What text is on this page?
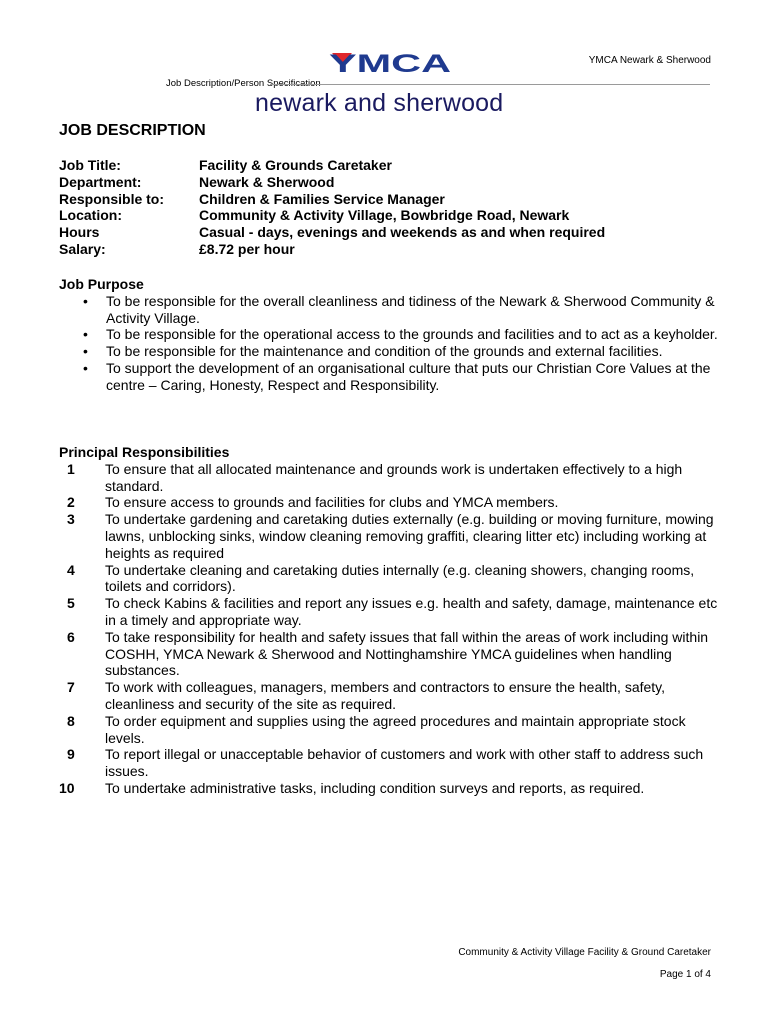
YMCA Newark & Sherwood
YMCA
Job Description/Person Specification
newark and sherwood
JOB DESCRIPTION
Job Title:	Facility & Grounds Caretaker
Department:	Newark & Sherwood
Responsible to:	Children & Families Service Manager
Location:	Community & Activity Village, Bowbridge Road, Newark
Hours	Casual - days, evenings and weekends as and when required
Salary:	£8.72 per hour
Job Purpose
• To be responsible for the overall cleanliness and tidiness of the Newark & Sherwood Community & Activity Village.
• To be responsible for the operational access to the grounds and facilities and to act as a keyholder.
• To be responsible for the maintenance and condition of the grounds and external facilities.
• To support the development of an organisational culture that puts our Christian Core Values at the centre – Caring, Honesty, Respect and Responsibility.
Principal Responsibilities
1	To ensure that all allocated maintenance and grounds work is undertaken effectively to a high standard.
2	To ensure access to grounds and facilities for clubs and YMCA members.
3	To undertake gardening and caretaking duties externally (e.g. building or moving furniture, mowing lawns, unblocking sinks, window cleaning removing graffiti, clearing litter etc) including working at heights as required
4	To undertake cleaning and caretaking duties internally (e.g. cleaning showers, changing rooms, toilets and corridors).
5	To check Kabins & facilities and report any issues e.g. health and safety, damage, maintenance etc in a timely and appropriate way.
6	To take responsibility for health and safety issues that fall within the areas of work including within COSHH, YMCA Newark & Sherwood and Nottinghamshire YMCA guidelines when handling substances.
7	To work with colleagues, managers, members and contractors to ensure the health, safety, cleanliness and security of the site as required.
8	To order equipment and supplies using the agreed procedures and maintain appropriate stock levels.
9	To report illegal or unacceptable behavior of customers and work with other staff to address such issues.
10	To undertake administrative tasks, including condition surveys and reports, as required.
Community & Activity Village Facility & Ground Caretaker
Page 1 of 4
